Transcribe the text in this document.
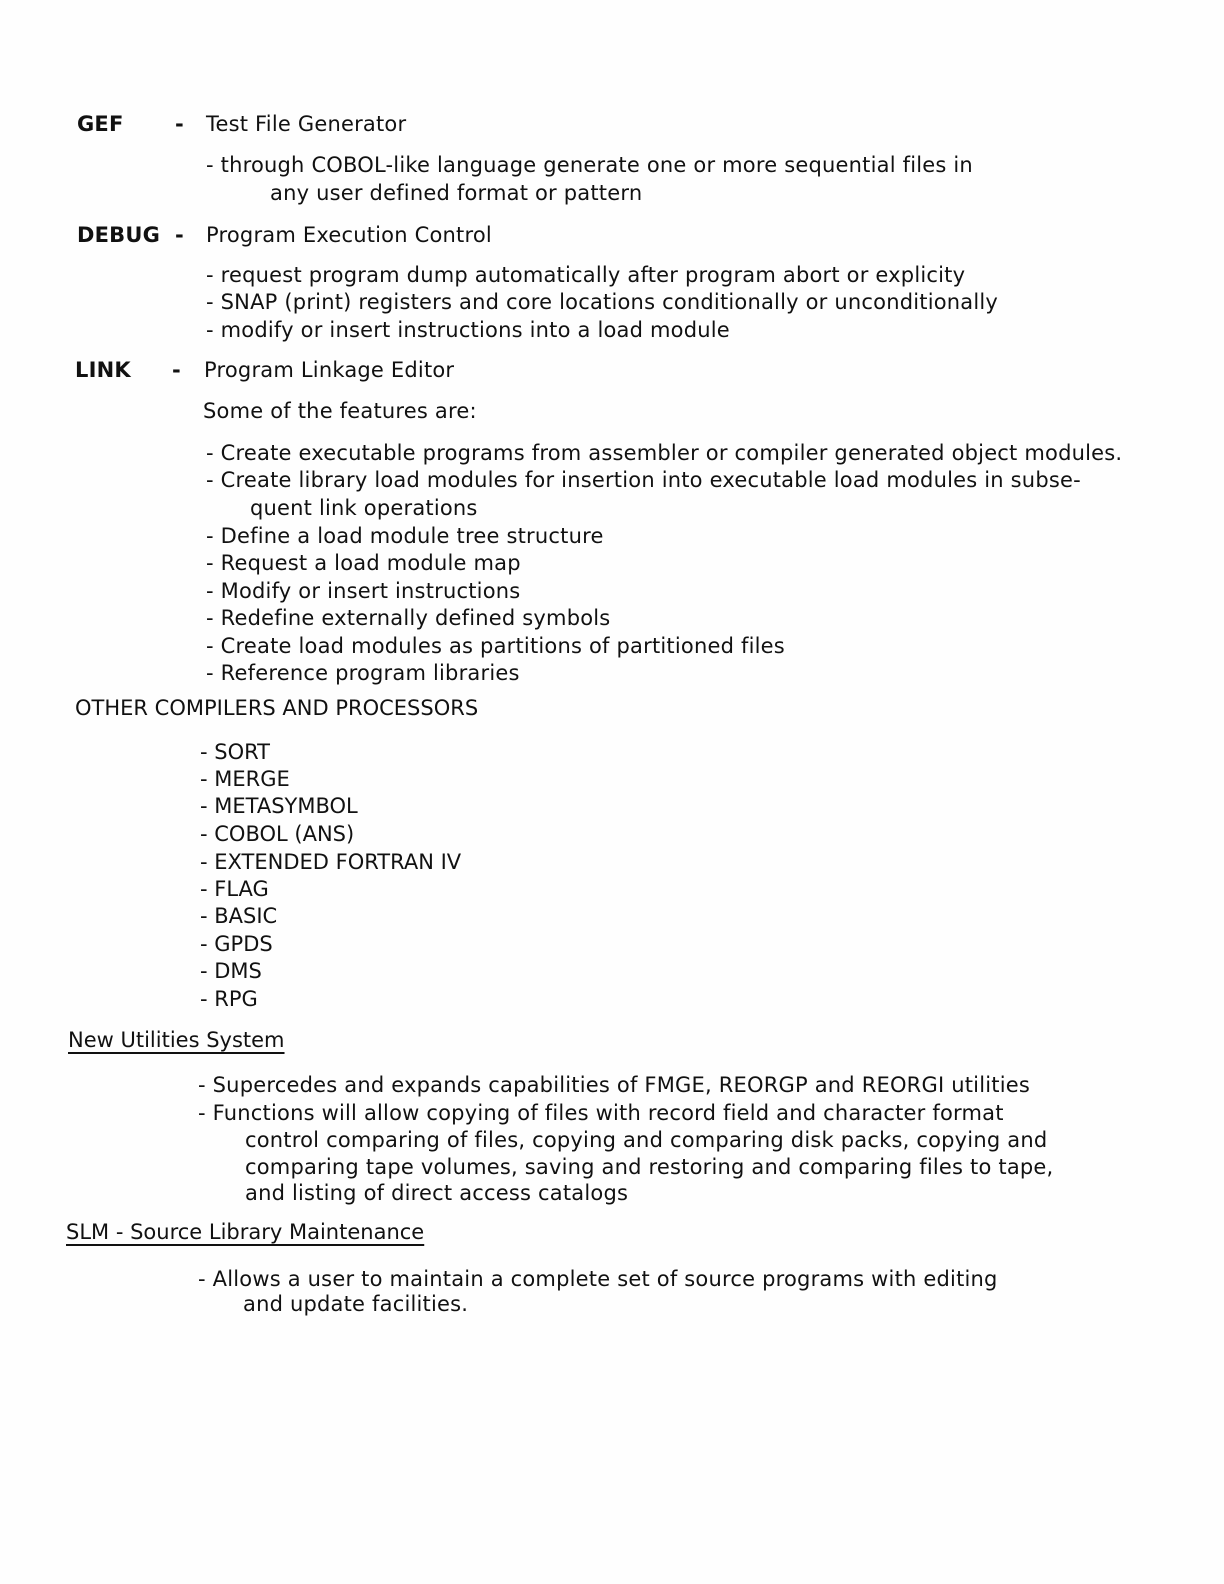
GEF - Test File Generator
- through COBOL-like language generate one or more sequential files in
any user defined format or pattern
DEBUG - Program Execution Control
- request program dump automatically after program abort or explicity
- SNAP (print) registers and core locations conditionally or unconditionally
- modify or insert instructions into a load module
LINK - Program Linkage Editor
Some of the features are:
- Create executable programs from assembler or compiler generated object modules.
- Create library load modules for insertion into executable load modules in subse-
quent link operations
- Define a load module tree structure
- Request a load module map
- Modify or insert instructions
- Redefine externally defined symbols
- Create load modules as partitions of partitioned files
- Reference program libraries
OTHER COMPILERS AND PROCESSORS
- SORT
- MERGE
- METASYMBOL
- COBOL (ANS)
- EXTENDED FORTRAN IV
- FLAG
- BASIC
- GPDS
- DMS
- RPG
New Utilities System
- Supercedes and expands capabilities of FMGE, REORGP and REORGI utilities
- Functions will allow copying of files with record field and character format
control comparing of files, copying and comparing disk packs, copying and
comparing tape volumes, saving and restoring and comparing files to tape,
and listing of direct access catalogs
SLM - Source Library Maintenance
- Allows a user to maintain a complete set of source programs with editing
and update facilities.
